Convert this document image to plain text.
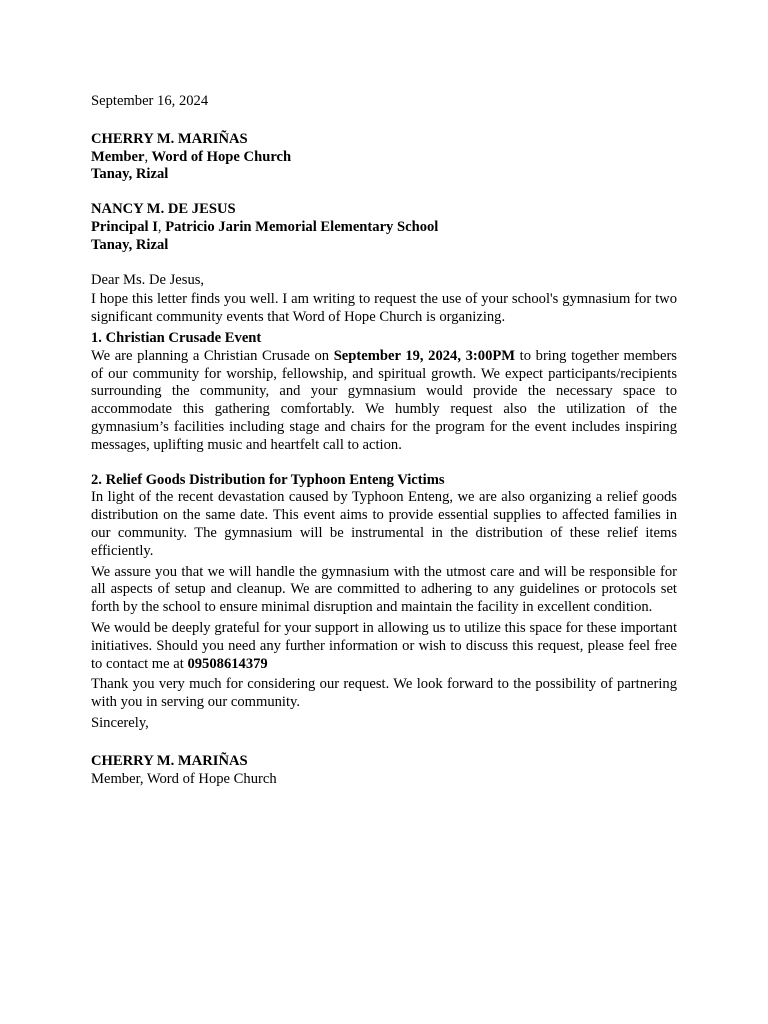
September 16, 2024

CHERRY M. MARIÑAS

Member, Word of Hope Church

Tanay, Rizal

NANCY M. DE JESUS

Principal I, Patricio Jarin Memorial Elementary School

Tanay, Rizal

Dear Ms. De Jesus,

I hope this letter finds you well. I am writing to request the use of your school's gymnasium for two significant community events that Word of Hope Church is organizing.

1. Christian Crusade Event

We are planning a Christian Crusade on September 19, 2024, 3:00PM to bring together members of our community for worship, fellowship, and spiritual growth. We expect participants/recipients surrounding the community, and your gymnasium would provide the necessary space to accommodate this gathering comfortably. We humbly request also the utilization of the gymnasium’s facilities including stage and chairs for the program for the event includes inspiring messages, uplifting music and heartfelt call to action.

2. Relief Goods Distribution for Typhoon Enteng Victims

In light of the recent devastation caused by Typhoon Enteng, we are also organizing a relief goods distribution on the same date. This event aims to provide essential supplies to affected families in our community. The gymnasium will be instrumental in the distribution of these relief items efficiently.

We assure you that we will handle the gymnasium with the utmost care and will be responsible for all aspects of setup and cleanup. We are committed to adhering to any guidelines or protocols set forth by the school to ensure minimal disruption and maintain the facility in excellent condition.

We would be deeply grateful for your support in allowing us to utilize this space for these important initiatives. Should you need any further information or wish to discuss this request, please feel free to contact me at 09508614379

Thank you very much for considering our request. We look forward to the possibility of partnering with you in serving our community.

Sincerely,

CHERRY M. MARIÑAS

Member, Word of Hope Church
